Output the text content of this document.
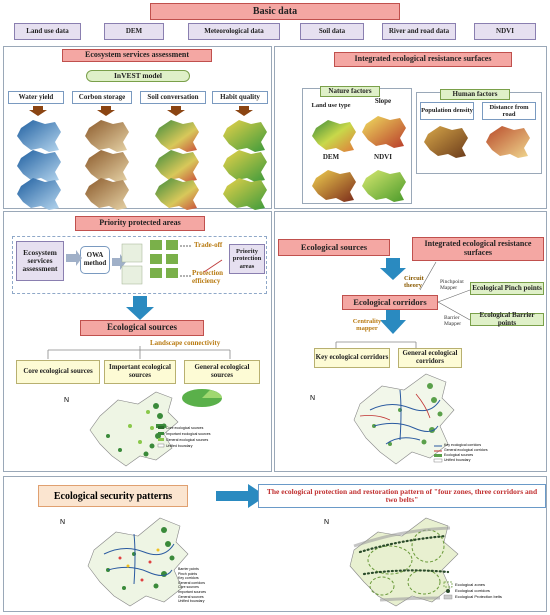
Basic data
Land use data	DEM	Meteorological data	Soil data	River and road data	NDVI
Ecosystem services assessment
InVEST model
Water yield	Corbon storage	Soil conversation	Habit quality
Integrated ecological resistance surfaces
Nature factors
Land use type
Slope
DEM	NDVI
Human factors
Population density
Distance from road
Priority protected areas
Ecosystem services assessment
OWA method
Trade-off
Protection efficiency
Priority protection areas
Ecological sources
Landscape connectivity
Core ecological sources	Important ecological sources
General ecological sources
N
Core ecological sources
Important ecological sources
General ecological sources
Unified boundary
Ecological sources	Integrated ecological resistance surfaces
Circuit theory
Ecological corridors
Pinchpoint Mapper
Barrier Mapper
Ecological Pinch points
Ecological Barrier points
Centrality mapper
Key ecological corridors	General ecological corridors
N
Key ecological corridors
General ecological corridors
Ecological sources
Unified boundary
Ecological security patterns	The ecological protection and restoration pattern of "four zones, three corridors and two belts"
N
Barrier points
Pinch points
Key corridors
General corridors
Core sources
Important sources
General sources
Unified boundary
N
Ecological zones
Ecological corridors
Ecological Protection belts
